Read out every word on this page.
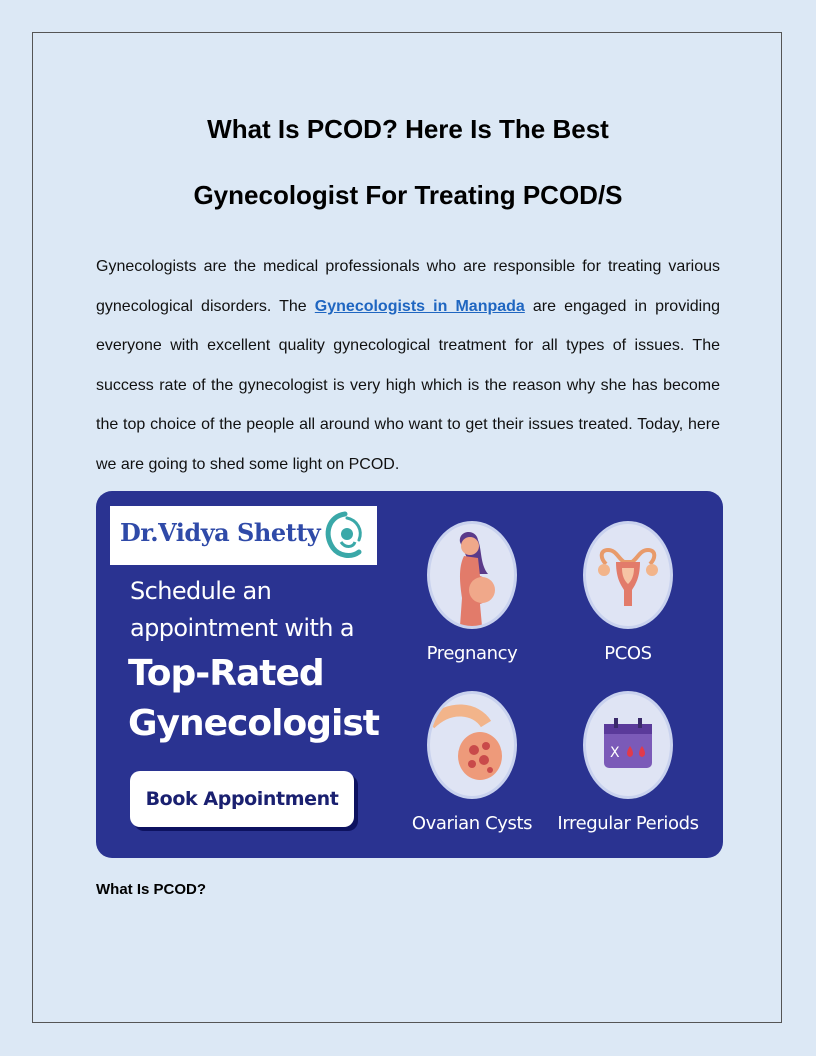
What Is PCOD? Here Is The Best
Gynecologist For Treating PCOD/S

Gynecologists are the medical professionals who are responsible for treating various gynecological disorders. The Gynecologists in Manpada are engaged in providing everyone with excellent quality gynecological treatment for all types of issues. The success rate of the gynecologist is very high which is the reason why she has become the top choice of the people all around who want to get their issues treated. Today, here we are going to shed some light on PCOD.

Dr.Vidya Shetty

Schedule an
appointment with a

Top-Rated
Gynecologist

Book Appointment
Pregnancy	PCOS
Ovarian Cysts
X
Irregular Periods
What Is PCOD?
